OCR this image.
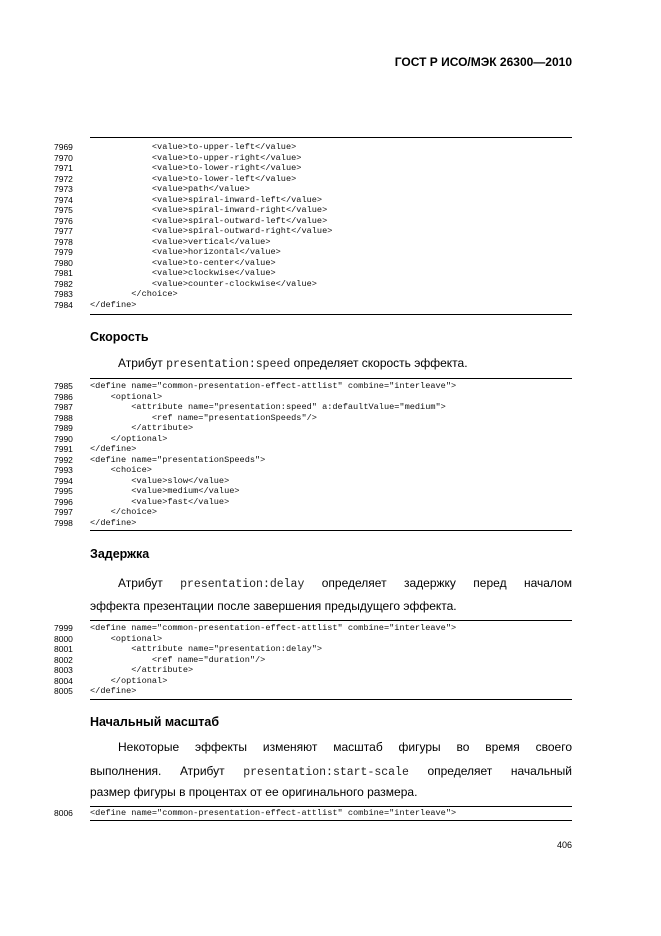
ГОСТ Р ИСО/МЭК 26300—2010
7969	<value>to-upper-left</value>
7970	<value>to-upper-right</value>
7971	<value>to-lower-right</value>
7972	<value>to-lower-left</value>
7973	<value>path</value>
7974	<value>spiral-inward-left</value>
7975	<value>spiral-inward-right</value>
7976	<value>spiral-outward-left</value>
7977	<value>spiral-outward-right</value>
7978	<value>vertical</value>
7979	<value>horizontal</value>
7980	<value>to-center</value>
7981	<value>clockwise</value>
7982	<value>counter-clockwise</value>
7983	</choice>
7984	</define>
Скорость
Атрибут presentation:speed определяет скорость эффекта.
7985	<define name="common-presentation-effect-attlist" combine="interleave">
7986	<optional>
7987	<attribute name="presentation:speed" a:defaultValue="medium">
7988	<ref name="presentationSpeeds"/>
7989	</attribute>
7990	</optional>
7991	</define>
7992	<define name="presentationSpeeds">
7993	<choice>
7994	<value>slow</value>
7995	<value>medium</value>
7996	<value>fast</value>
7997	</choice>
7998	</define>
Задержка
Атрибут presentation:delay определяет задержку перед началом
эффекта презентации после завершения предыдущего эффекта.
7999	<define name="common-presentation-effect-attlist" combine="interleave">
8000	<optional>
8001	<attribute name="presentation:delay">
8002	<ref name="duration"/>
8003	</attribute>
8004	</optional>
8005	</define>
Начальный масштаб
Некоторые эффекты изменяют масштаб фигуры во время своего
выполнения. Атрибут presentation:start-scale определяет начальный
размер фигуры в процентах от ее оригинального размера.
8006	<define name="common-presentation-effect-attlist" combine="interleave">
406
